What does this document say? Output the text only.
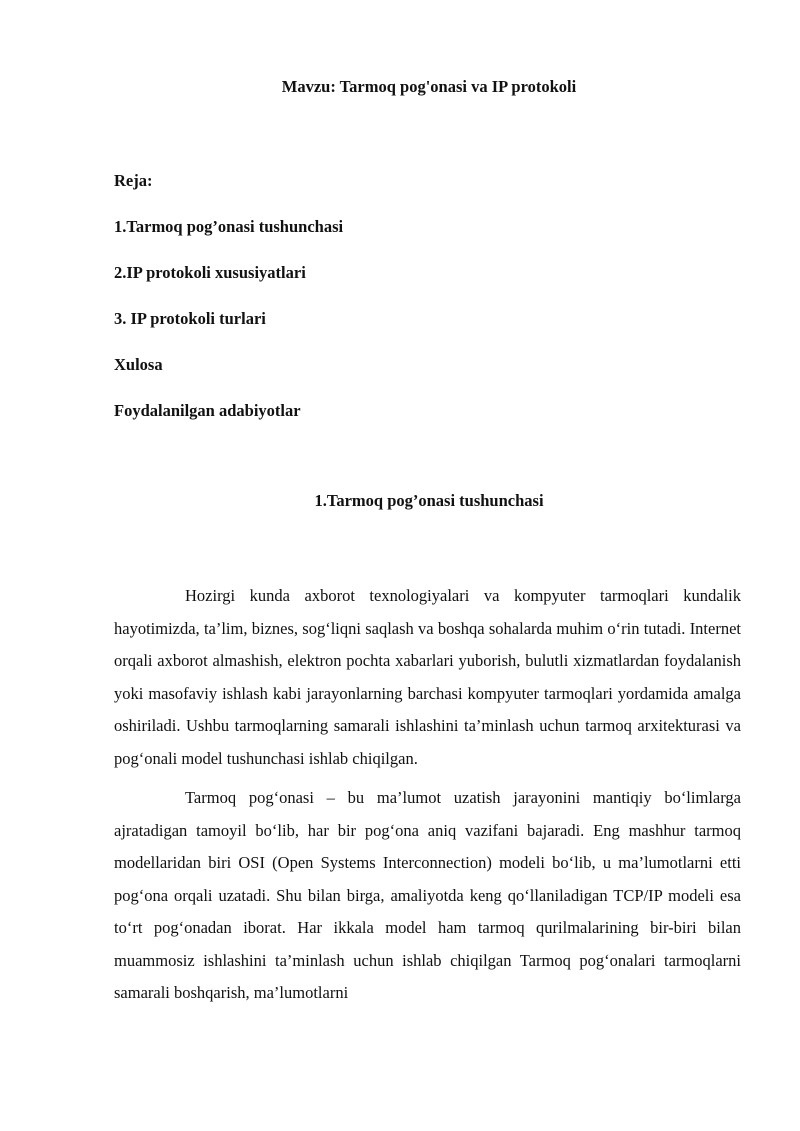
Mavzu: Tarmoq pog'onasi va IP protokoli
Reja:
1.Tarmoq pog’onasi tushunchasi
2.IP protokoli xususiyatlari
3. IP protokoli turlari
Xulosa
Foydalanilgan adabiyotlar
1.Tarmoq pog’onasi tushunchasi

Hozirgi kunda axborot texnologiyalari va kompyuter tarmoqlari kundalik hayotimizda, ta’lim, biznes, sog‘liqni saqlash va boshqa sohalarda muhim o‘rin tutadi. Internet orqali axborot almashish, elektron pochta xabarlari yuborish, bulutli xizmatlardan foydalanish yoki masofaviy ishlash kabi jarayonlarning barchasi kompyuter tarmoqlari yordamida amalga oshiriladi. Ushbu tarmoqlarning samarali ishlashini ta’minlash uchun tarmoq arxitekturasi va pog‘onali model tushunchasi ishlab chiqilgan.

Tarmoq pog‘onasi – bu ma’lumot uzatish jarayonini mantiqiy bo‘limlarga ajratadigan tamoyil bo‘lib, har bir pog‘ona aniq vazifani bajaradi. Eng mashhur tarmoq modellaridan biri OSI (Open Systems Interconnection) modeli bo‘lib, u ma’lumotlarni etti pog‘ona orqali uzatadi. Shu bilan birga, amaliyotda keng qo‘llaniladigan TCP/IP modeli esa to‘rt pog‘onadan iborat. Har ikkala model ham tarmoq qurilmalarining bir-biri bilan muammosiz ishlashini ta’minlash uchun ishlab chiqilgan Tarmoq pog‘onalari tarmoqlarni samarali boshqarish, ma’lumotlarni
